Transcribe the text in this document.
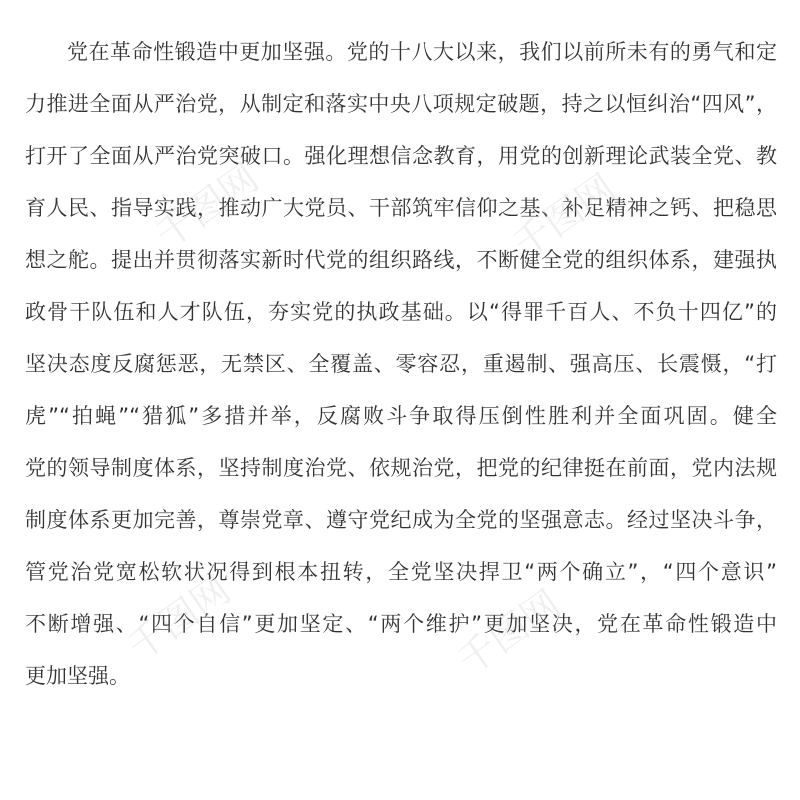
党在革命性锻造中更加坚强。党的十八大以来，我们以前所未有的勇气和定
力推进全面从严治党，从制定和落实中央八项规定破题，持之以恒纠治“四风”，
打开了全面从严治党突破口。强化理想信念教育，用党的创新理论武装全党、教
育人民、指导实践，推动广大党员、干部筑牢信仰之基、补足精神之钙、把稳思
想之舵。提出并贯彻落实新时代党的组织路线，不断健全党的组织体系，建强执
政骨干队伍和人才队伍，夯实党的执政基础。以“得罪千百人、不负十四亿”的
坚决态度反腐惩恶，无禁区、全覆盖、零容忍，重遏制、强高压、长震慑，“打
虎”“拍蝇”“猎狐”多措并举，反腐败斗争取得压倒性胜利并全面巩固。健全
党的领导制度体系，坚持制度治党、依规治党，把党的纪律挺在前面，党内法规
制度体系更加完善，尊崇党章、遵守党纪成为全党的坚强意志。经过坚决斗争，
管党治党宽松软状况得到根本扭转，全党坚决捍卫“两个确立”，“四个意识”
不断增强、“四个自信”更加坚定、“两个维护”更加坚决，党在革命性锻造中
更加坚强。
千图网	千图网
千图网	千图网
